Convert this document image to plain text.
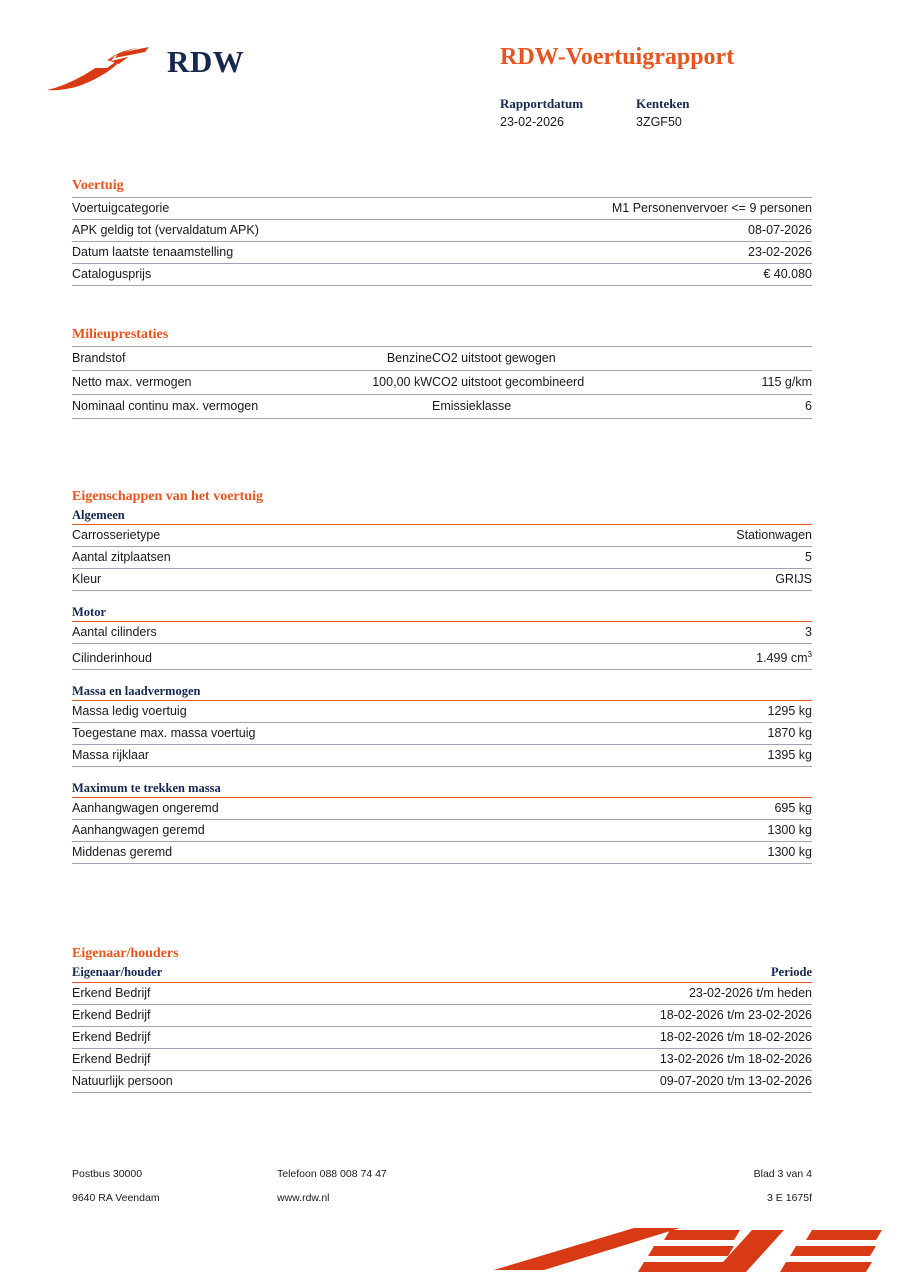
RDW	RDW-Voertuigrapport
Rapportdatum	Kenteken
23-02-2026	3ZGF50
Voertuig
Voertuigcategorie	M1 Personenvervoer <= 9 personen
APK geldig tot (vervaldatum APK)	08-07-2026
Datum laatste tenaamstelling	23-02-2026
Catalogusprijs	€ 40.080
Milieuprestaties
Brandstof	Benzine	CO2 uitstoot gewogen	
Netto max. vermogen	100,00 kW	CO2 uitstoot gecombineerd	115 g/km
Nominaal continu max. vermogen		Emissieklasse	6
Eigenschappen van het voertuig
Algemeen
Carrosserietype	Stationwagen
Aantal zitplaatsen	5
Kleur	GRIJS
Motor
Aantal cilinders	3
Cilinderinhoud	1.499 $cm^3$
Massa en laadvermogen
Massa ledig voertuig	1295 kg
Toegestane max. massa voertuig	1870 kg
Massa rijklaar	1395 kg
Maximum te trekken massa
Aanhangwagen ongeremd	695 kg
Aanhangwagen geremd	1300 kg
Middenas geremd	1300 kg
Eigenaar/houders
Eigenaar/houder	Periode
Erkend Bedrijf	23-02-2026 t/m heden
Erkend Bedrijf	18-02-2026 t/m 23-02-2026
Erkend Bedrijf	18-02-2026 t/m 18-02-2026
Erkend Bedrijf	13-02-2026 t/m 18-02-2026
Natuurlijk persoon	09-07-2020 t/m 13-02-2026
Postbus 30000	Telefoon 088 008 74 47	Blad 3 van 4
9640 RA Veendam	www.rdw.nl	3 E 1675f
